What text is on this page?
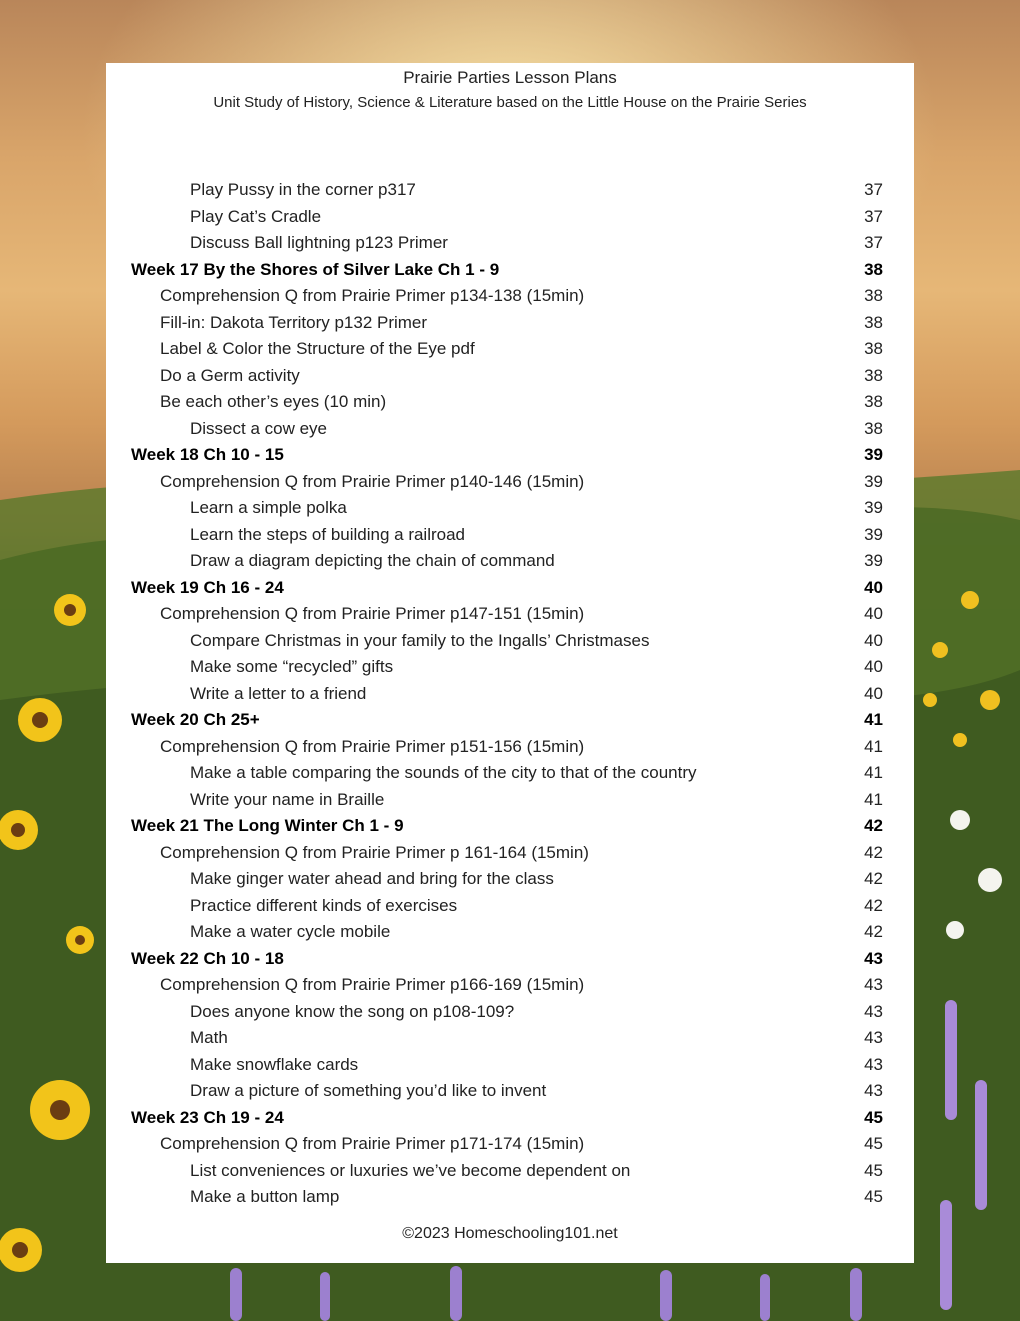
Prairie Parties Lesson Plans
Unit Study of History, Science & Literature based on the Little House on the Prairie Series
Play Pussy in the corner p317	37
Play Cat’s Cradle	37
Discuss Ball lightning p123 Primer	37
Week 17 By the Shores of Silver Lake Ch 1 - 9	38
Comprehension Q from Prairie Primer p134-138 (15min)	38
Fill-in: Dakota Territory p132 Primer	38
Label & Color the Structure of the Eye pdf	38
Do a Germ activity	38
Be each other’s eyes (10 min)	38
Dissect a cow eye	38
Week 18 Ch 10 - 15	39
Comprehension Q from Prairie Primer p140-146 (15min)	39
Learn a simple polka	39
Learn the steps of building a railroad	39
Draw a diagram depicting the chain of command	39
Week 19 Ch 16 - 24	40
Comprehension Q from Prairie Primer p147-151 (15min)	40
Compare Christmas in your family to the Ingalls’ Christmases	40
Make some “recycled” gifts	40
Write a letter to a friend	40
Week 20 Ch 25+	41
Comprehension Q from Prairie Primer p151-156 (15min)	41
Make a table comparing the sounds of the city to that of the country	41
Write your name in Braille	41
Week 21 The Long Winter Ch 1 - 9	42
Comprehension Q from Prairie Primer p 161-164 (15min)	42
Make ginger water ahead and bring for the class	42
Practice different kinds of exercises	42
Make a water cycle mobile	42
Week 22 Ch 10 - 18	43
Comprehension Q from Prairie Primer p166-169 (15min)	43
Does anyone know the song on p108-109?	43
Math	43
Make snowflake cards	43
Draw a picture of something you’d like to invent	43
Week 23 Ch 19 - 24	45
Comprehension Q from Prairie Primer p171-174 (15min)	45
List conveniences or luxuries we’ve become dependent on	45
Make a button lamp	45
©2023 Homeschooling101.net
